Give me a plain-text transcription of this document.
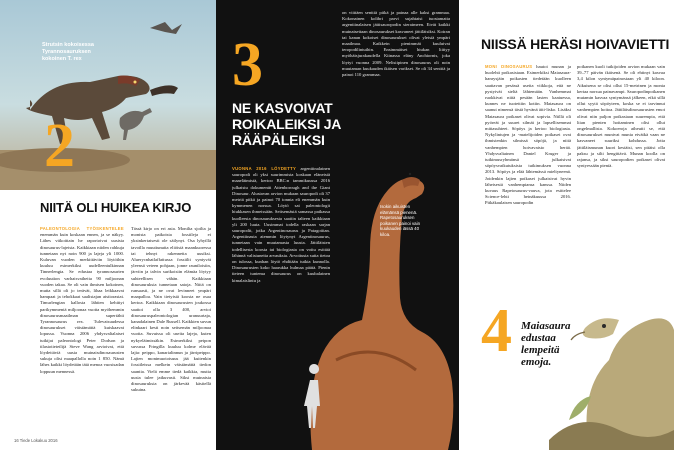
Strutsin kokoisessa Tyrannosauruksen kokoinen T. rex
2
NIITÄ OLI HUIKEA KIRJO
PALEONTOLOGIA TYÖSKENTELEE enemmän kuin koskaan ennen, ja se näkyy. Lähes viikoittain he raportoivat uusista dinosaurus-lajeista. Kaikkiaan niiden rahkuja tunnetaan nyt noin 900 ja lajeja yli 1000. Kuluvan vuoden merkittäviin löytöihin kuuluu esimerkiksi uudelleentulkinnan Tinnerlengia. Se edustaa tyrannosaurien evoluution varhaisvaiheita 90 miljoonan vuoden takaa. Se oli vain ihmisen kokoinen, mutta sillä oli jo terävät, lihaa leikkaavat hampaat ja tehokkaat saalistajan aistiorastat. Timurlengian kallosta lähtien kehittyi parikymmentä miljoonaa vuotta myöhemmin dinosaurusmaailman supertähti Tyrannosaurus rex. Tulevaisuudessa dinosaurukset väistämättä kuiskaavat lopussa. Vuonna 2006 yhdysvaltalaiset tutkijat paleontologi Peter Dodson ja tilastotieteilijä Steve Wang arvioivat, että löydettäviä uusia muinaisdinosaurusten sukuja olisi maapallolla noin 1 850. Nämä lähes kaikki löydetään tätä menoa vuosisadan loppuun mennessä.
Tässä kirjo on eri asia. Monilta sjoilta ja monista paikoista fossiileja ei yksinkertaisesti ole säilynyt. Osa lyhyillä tavoilla muuttunutta eliöistä maankuoressa tai tehnyt rakennetta uusiksi. Aluerycnhatlaffattussa fossiilit syntyvät yleensä veteen pohjaan, jonne rauniloisiin, järviin ja talvin surikoisiin elämäa löytyy suhteellisen vähän. Kaikkiaan dinosauruksia tunnetaan satoja. Niitä on runsaasti, ja ne ovat levinneet ympäri maapalloa. Vain tietyistä koosta ne osaa kertoa. Kaikkiaan dinosaurusten joukossa saattoi olla 3 400, arvioi dinosauruspaleontologian uranuurtaja, kanadalainen Dale Russell. Kaikkien suvun elinkaari kesti noin seitsemän miljoonaa vuotta. Suvuissa oli useita lajeja, kuten nykyeläimissäkin. Esimerkiksi peipon suvussa Fringilla kuuluu kolme elävää lajia: peippo, kanarialinnun ja järripeippo. Lajien monimuotoisuus jää kuitenkin fossiileissa melkein väistämättä tiedon saantia. Vielä emme tiedä kaikkia, mutta uusia tulee jatkuvasti. Siksi muinaisia dinosauruksia on järkevää käsitellä sukuina.
16 Tiede Lokakuu 2016
3
NE KASVOIVAT ROIKALEIKSI JA RÄÄPÄLEIKSI
VUONNA 2016 LÖYDETTY argentiinalainen sauropodi oli yksi suurimmista koskaan eläneistä maaeläimistä, kertoo BBC:n tammikuussa 2016 julkaistu dokumentti Attenborough and the Giant Dinosaur. Alustavan arvion mukaan sauropodi oli 37 metriä pitkä ja painoi 70 tonnia eli enemmän kuin kymmenen norsua. Löytö sai paleontologit hiukkasen ihmeissään. Seitsemästä samassa paikassa kuolleesta dinosauruksesta saatiin talteen kaikkiaan yli 200 luuta. Uusimmat todella raskaan sarjan sauropodit, jotka Argentinosaurus ja Patagotitan. Argentiinasta aiemmin löytynyt Argentinosaurus, tunnetaan vain muutamasta luusta. Jättiläisten todellisesta koosta tai biologiasta on voitu esittää lähinnä valistuneita arvauksia. Arvoitusta sutta tietoa on tulossa, kunhan löytö ehditään tutkia kunnolla. Dinosaurusten koko haarukka hulmaa päätä. Pienin tieteen tuntema dinosaurus on kuubalainen kimalaislintu ja
on viittäen senttiä pitkä ja painaa alle kaksi grammaa. Kokonainen kolibri parvi sujahtaisi tuostamatta argentiinalaisen jättisauropodin sieraimeen. Eivät kaikki muinaisettaan dinosaurukset kasvaneet jättiläisiksi. Koiran tai kanan kokoiset dinosaurukset olivat yleisiä ympäri maailmaa. Kaikkein pienimmät kuuluivat teropodilintuihin. Ensimmäiset hiukan liittyy myöhäisjurakaudella Kiinassa eläny Anchiornis, joka löytyi vuonna 2009. Nelisiipinen dinosaurus oli noin muutaman kuukauden ikäisen varikset. Se oli 34 senttiä ja painoi 110 grammaa.
Isokin aikuisten elämänsä pienenä. Rapetosauruksen poikanen painoi vain kuukauden iässä 40 kiloa.
NIISSÄ HERÄSI HOIVAVIETTI
MONI DINOSAURUS hautoi munan ja huolehti poikasistaan. Esimerkiksi Maiasaura-hanrysjäin poikasten tiedetään kuolleen saattavan pesässä useita viikkoja, että ne pystyivät sieltä lähtemään. Vanhemmat ruokkivat niitä pesään lasten kaatuessa, kunnes ne tuotettiin kotiin. Maiasaura on saanut nimensä tästä hyvänä äiti-lisko. Lisäksi Maiasaura poikaset olivat sopivia. Niillä oli pyöreät ja suuret silmät ja lapsellisemmat mittasuhteet. Söpöys ja kertoo biologiasta. Nykylintujen ja -matelijoiden poikaset ovat ihmistenkin silmissä söpöjä, ja niitä vanhempien hoivavaisto herää. Yhdysvaltainen Daniel Kruger ja tutkimusryhmänsä julkaisivat söpöysvaikutuksista tutkimuksen vuonna 2013. Söpöys ja elää lähtemässä mieltyneenä. Joidenkin lajien poikaset julkaisivat hyvin läheisestä vanhempiansa kanssa. Niiden kuvaus Rapetosaurus-vauva, jota esittelee Science-lehti heinäkuussa 2016. Pitkäkaulaisen sauropodin
poikanen kuoli tutkijoiden arvion mukaan vain 39–77 päivän ikäisenä. Se oli ehtinyt kasvaa 3,4 kilon syntymäpainostaan yli 40 kiloon. Aikuisena se olisi ollut 15-metrinen ja monta kertaa norsua painavampi. Sauropodinpoikanen mutamin kasvaa syntymänsä jälkeen, eikä sillä ollut syytä söpöyteen, koska se ei tarvinnut vanhempien hoitoa. Jättiläisdinosaurusten emot olivat niin paljon poikasiaan suurempia, että liian pienten hoitaminen olisi ollut ongelmallista. Kokoeroja aiheutti se, että dinosaurukset munivat munia eivätkä vaan ne kasvaneet suuriksi kohdussa. Jotta jättiläismunan kuori kestäisi, sen pitäisi olla paksu ja silti hengittävä. Munan koolla on rajansa, ja siksi sauropodien poikaset olivat syntyessään pieniä.
4 Maiasaura edustaa lempeitä emoja.
